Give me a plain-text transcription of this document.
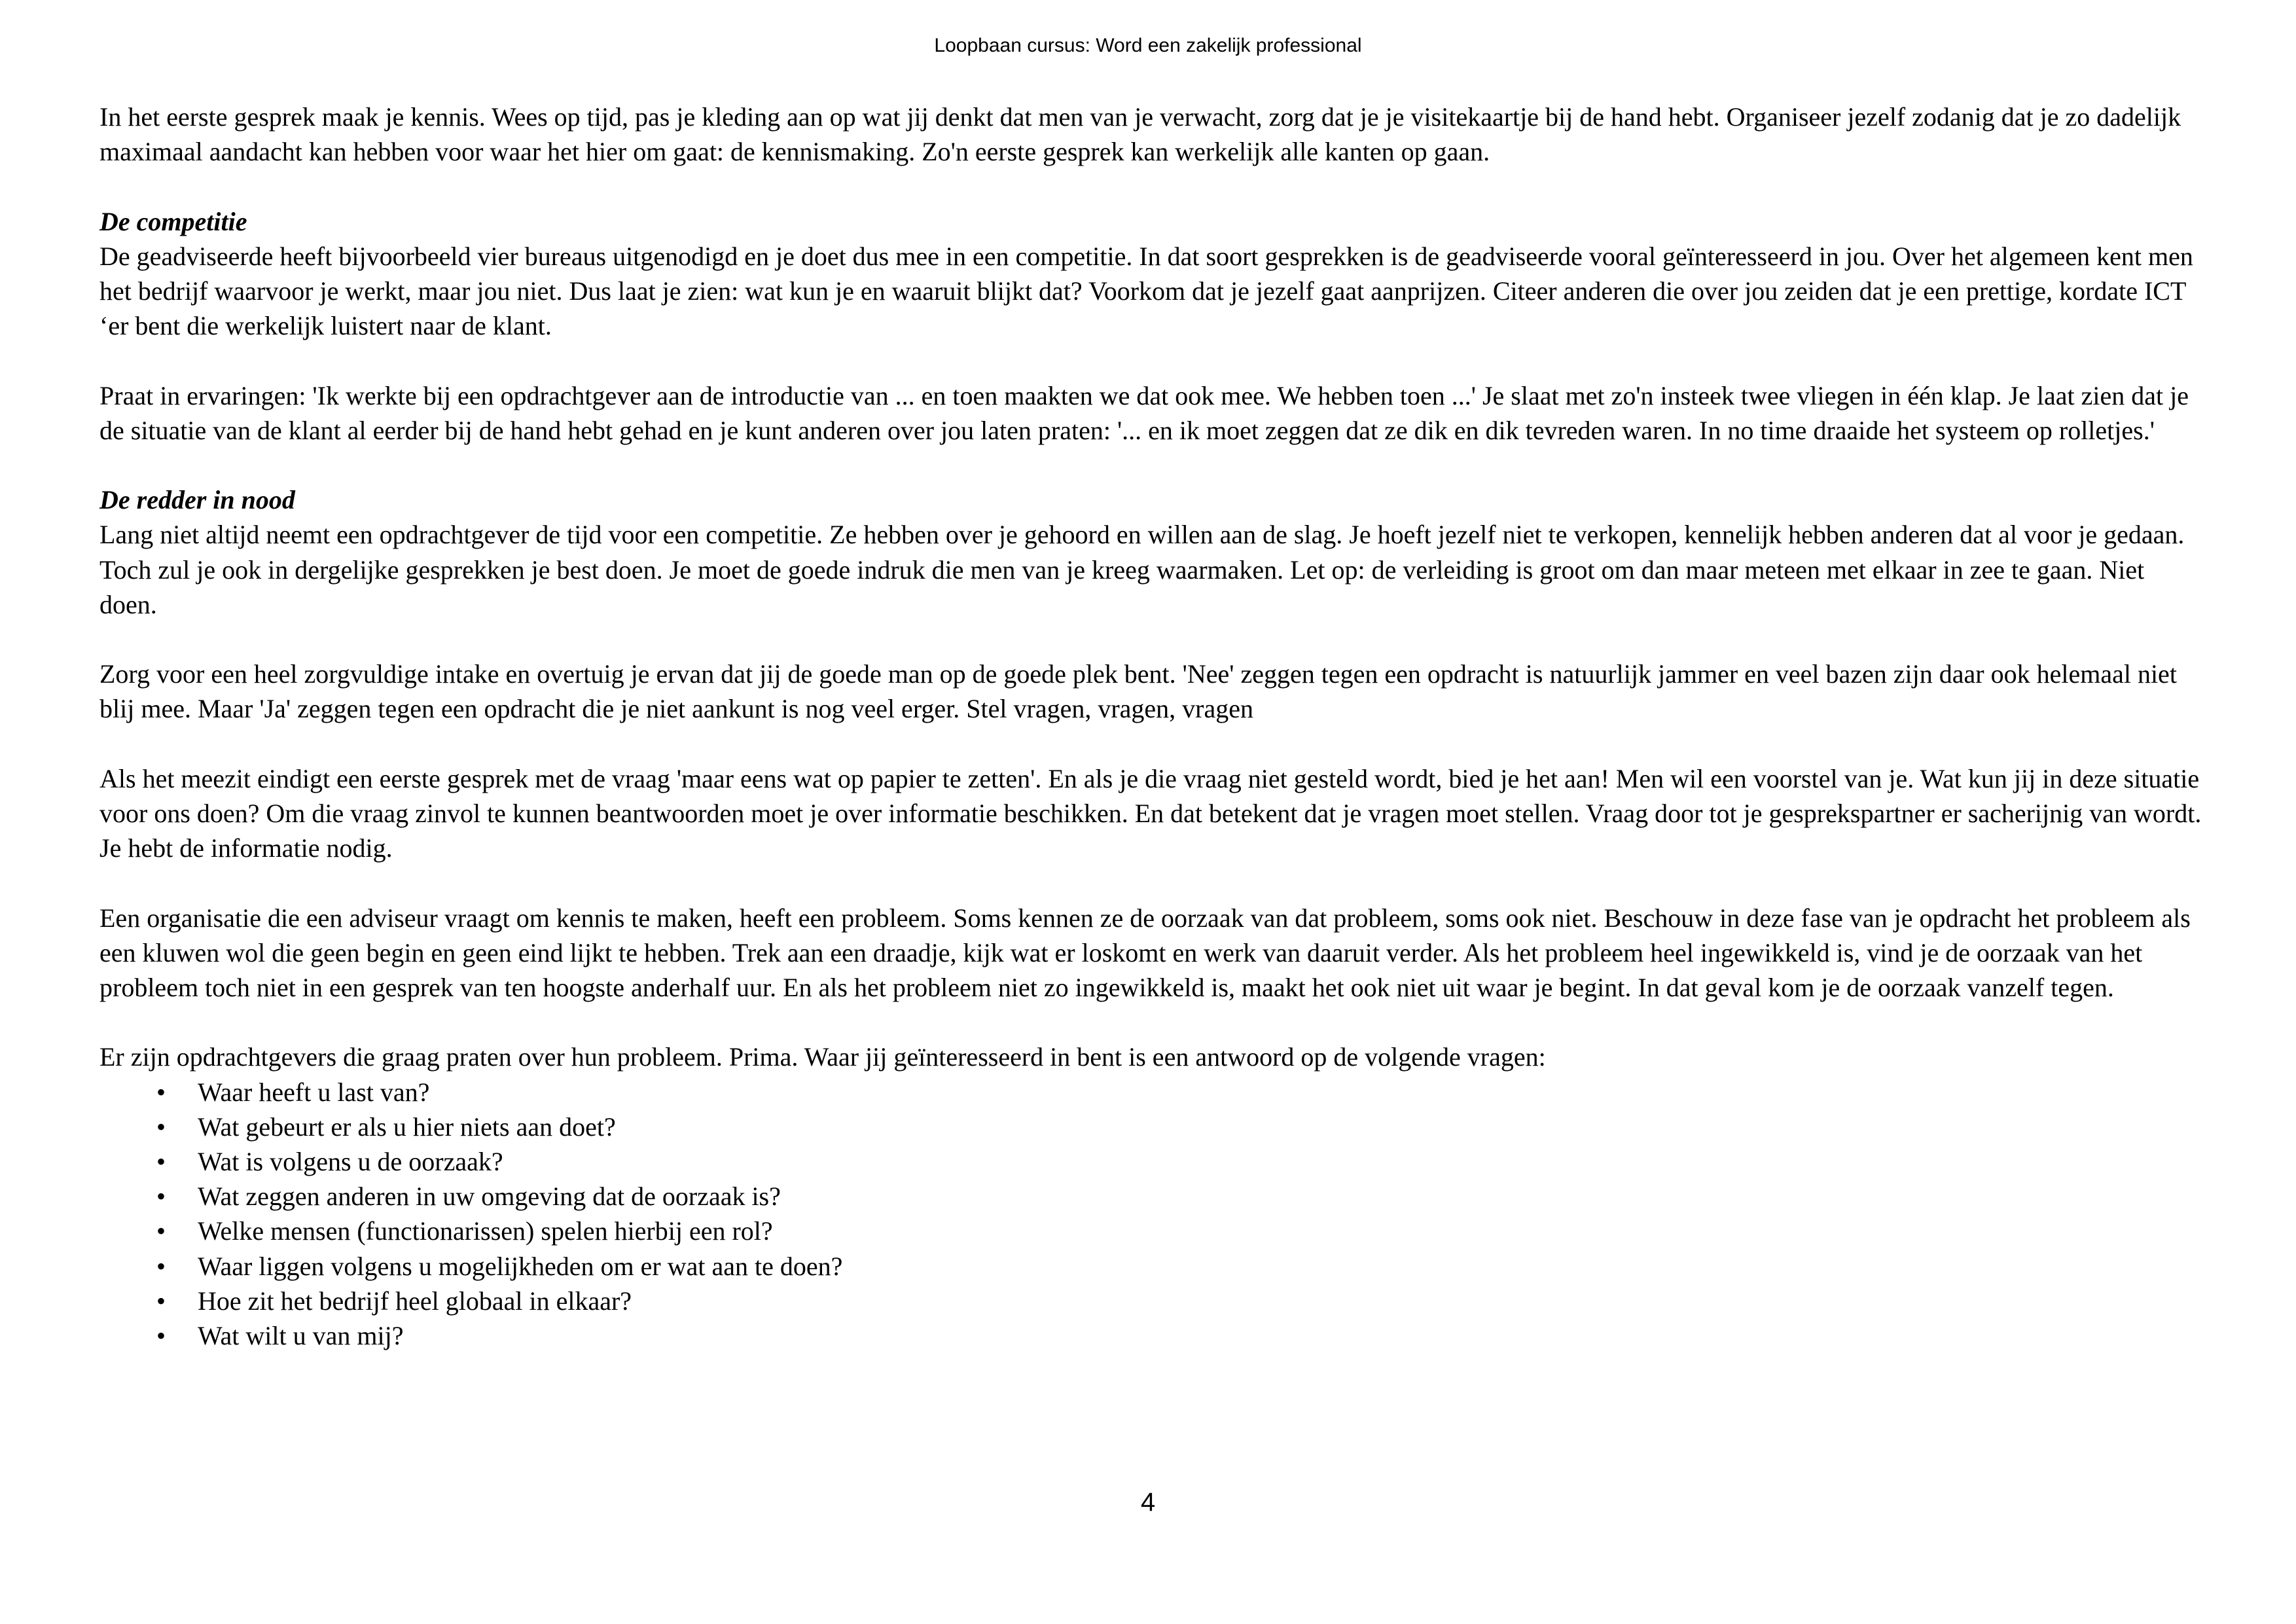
Loopbaan cursus: Word een zakelijk professional

In het eerste gesprek maak je kennis. Wees op tijd, pas je kleding aan op wat jij denkt dat men van je verwacht, zorg dat je je visitekaartje bij de hand hebt. Organiseer jezelf zodanig dat je zo dadelijk maximaal aandacht kan hebben voor waar het hier om gaat: de kennismaking. Zo'n eerste gesprek kan werkelijk alle kanten op gaan.

De competitie

De geadviseerde heeft bijvoorbeeld vier bureaus uitgenodigd en je doet dus mee in een competitie. In dat soort gesprekken is de geadviseerde vooral geïnteresseerd in jou. Over het algemeen kent men het bedrijf waarvoor je werkt, maar jou niet. Dus laat je zien: wat kun je en waaruit blijkt dat? Voorkom dat je jezelf gaat aanprijzen. Citeer anderen die over jou zeiden dat je een prettige, kordate ICT ‘er bent die werkelijk luistert naar de klant.

Praat in ervaringen: 'Ik werkte bij een opdrachtgever aan de introductie van ... en toen maakten we dat ook mee. We hebben toen ...' Je slaat met zo'n insteek twee vliegen in één klap. Je laat zien dat je de situatie van de klant al eerder bij de hand hebt gehad en je kunt anderen over jou laten praten: '... en ik moet zeggen dat ze dik en dik tevreden waren. In no time draaide het systeem op rolletjes.'

De redder in nood

Lang niet altijd neemt een opdrachtgever de tijd voor een competitie. Ze hebben over je gehoord en willen aan de slag. Je hoeft jezelf niet te verkopen, kennelijk hebben anderen dat al voor je gedaan. Toch zul je ook in dergelijke gesprekken je best doen. Je moet de goede indruk die men van je kreeg waarmaken. Let op: de verleiding is groot om dan maar meteen met elkaar in zee te gaan. Niet doen.

Zorg voor een heel zorgvuldige intake en overtuig je ervan dat jij de goede man op de goede plek bent. 'Nee' zeggen tegen een opdracht is natuurlijk jammer en veel bazen zijn daar ook helemaal niet blij mee. Maar 'Ja' zeggen tegen een opdracht die je niet aankunt is nog veel erger. Stel vragen, vragen, vragen

Als het meezit eindigt een eerste gesprek met de vraag 'maar eens wat op papier te zetten'. En als je die vraag niet gesteld wordt, bied je het aan! Men wil een voorstel van je. Wat kun jij in deze situatie voor ons doen? Om die vraag zinvol te kunnen beantwoorden moet je over informatie beschikken. En dat betekent dat je vragen moet stellen. Vraag door tot je gesprekspartner er sacherijnig van wordt. Je hebt de informatie nodig.

Een organisatie die een adviseur vraagt om kennis te maken, heeft een probleem. Soms kennen ze de oorzaak van dat probleem, soms ook niet. Beschouw in deze fase van je opdracht het probleem als een kluwen wol die geen begin en geen eind lijkt te hebben. Trek aan een draadje, kijk wat er loskomt en werk van daaruit verder. Als het probleem heel ingewikkeld is, vind je de oorzaak van het probleem toch niet in een gesprek van ten hoogste anderhalf uur. En als het probleem niet zo ingewikkeld is, maakt het ook niet uit waar je begint. In dat geval kom je de oorzaak vanzelf tegen.

Er zijn opdrachtgevers die graag praten over hun probleem. Prima. Waar jij geïnteresseerd in bent is een antwoord op de volgende vragen:

•	Waar heeft u last van?
•	Wat gebeurt er als u hier niets aan doet?
•	Wat is volgens u de oorzaak?
•	Wat zeggen anderen in uw omgeving dat de oorzaak is?
•	Welke mensen (functionarissen) spelen hierbij een rol?
•	Waar liggen volgens u mogelijkheden om er wat aan te doen?
•	Hoe zit het bedrijf heel globaal in elkaar?
•	Wat wilt u van mij?
4
